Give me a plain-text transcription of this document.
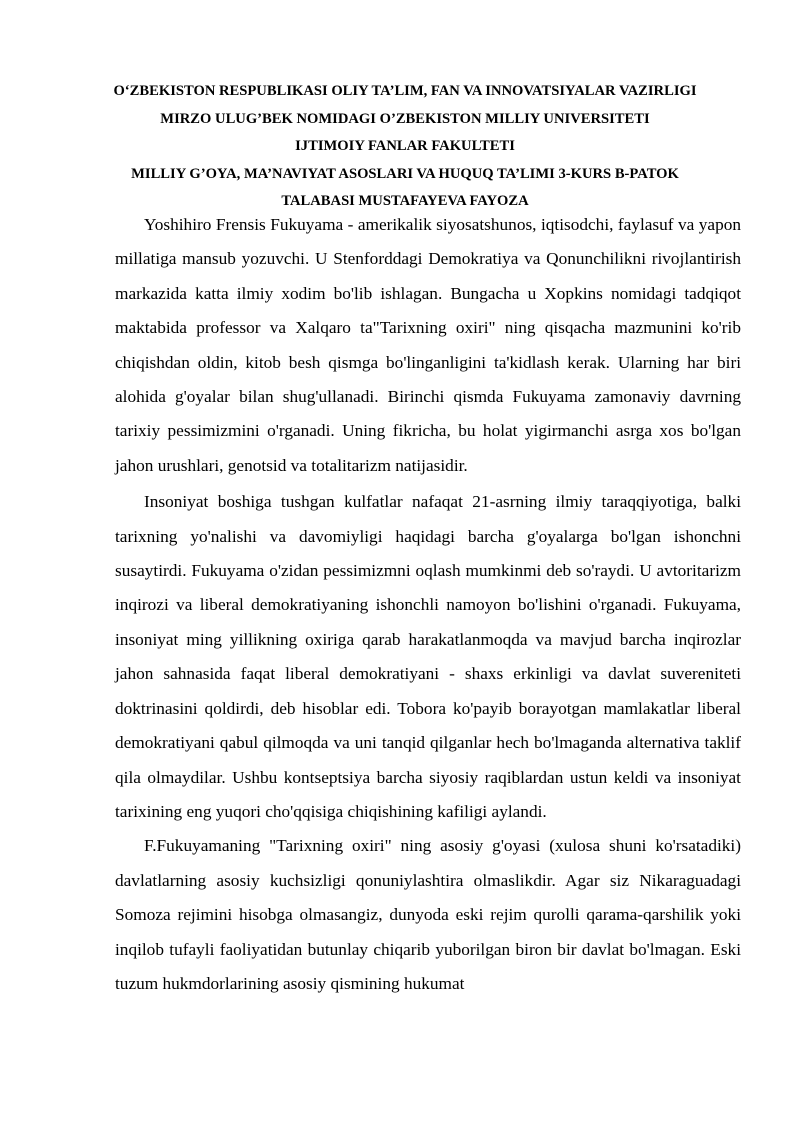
O‘ZBEKISTON RESPUBLIKASI OLIY TA’LIM, FAN VA INNOVATSIYALAR VAZIRLIGI
MIRZO ULUG’BEK NOMIDAGI O’ZBEKISTON MILLIY UNIVERSITETI
IJTIMOIY FANLAR FAKULTETI
MILLIY G’OYA, MA’NAVIYAT ASOSLARI VA HUQUQ TA’LIMI 3-KURS B-PATOK
TALABASI MUSTAFAYEVA FAYOZA

Yoshihiro Frensis Fukuyama - amerikalik siyosatshunos, iqtisodchi, faylasuf va yapon millatiga mansub yozuvchi. U Stenforddagi Demokratiya va Qonunchilikni rivojlantirish markazida katta ilmiy xodim bo'lib ishlagan. Bungacha u Xopkins nomidagi tadqiqot maktabida professor va Xalqaro ta"Tarixning oxiri" ning qisqacha mazmunini ko'rib chiqishdan oldin, kitob besh qismga bo'linganligini ta'kidlash kerak. Ularning har biri alohida g'oyalar bilan shug'ullanadi. Birinchi qismda Fukuyama zamonaviy davrning tarixiy pessimizmini o'rganadi. Uning fikricha, bu holat yigirmanchi asrga xos bo'lgan jahon urushlari, genotsid va totalitarizm natijasidir.

Insoniyat boshiga tushgan kulfatlar nafaqat 21-asrning ilmiy taraqqiyotiga, balki tarixning yo'nalishi va davomiyligi haqidagi barcha g'oyalarga bo'lgan ishonchni susaytirdi. Fukuyama o'zidan pessimizmni oqlash mumkinmi deb so'raydi. U avtoritarizm inqirozi va liberal demokratiyaning ishonchli namoyon bo'lishini o'rganadi. Fukuyama, insoniyat ming yillikning oxiriga qarab harakatlanmoqda va mavjud barcha inqirozlar jahon sahnasida faqat liberal demokratiyani - shaxs erkinligi va davlat suvereniteti doktrinasini qoldirdi, deb hisoblar edi. Tobora ko'payib borayotgan mamlakatlar liberal demokratiyani qabul qilmoqda va uni tanqid qilganlar hech bo'lmaganda alternativa taklif qila olmaydilar. Ushbu kontseptsiya barcha siyosiy raqiblardan ustun keldi va insoniyat tarixining eng yuqori cho'qqisiga chiqishining kafiligi aylandi.

F.Fukuyamaning "Tarixning oxiri" ning asosiy g'oyasi (xulosa shuni ko'rsatadiki) davlatlarning asosiy kuchsizligi qonuniylashtira olmaslikdir. Agar siz Nikaraguadagi Somoza rejimini hisobga olmasangiz, dunyoda eski rejim qurolli qarama-qarshilik yoki inqilob tufayli faoliyatidan butunlay chiqarib yuborilgan biron bir davlat bo'lmagan. Eski tuzum hukmdorlarining asosiy qismining hukumat
